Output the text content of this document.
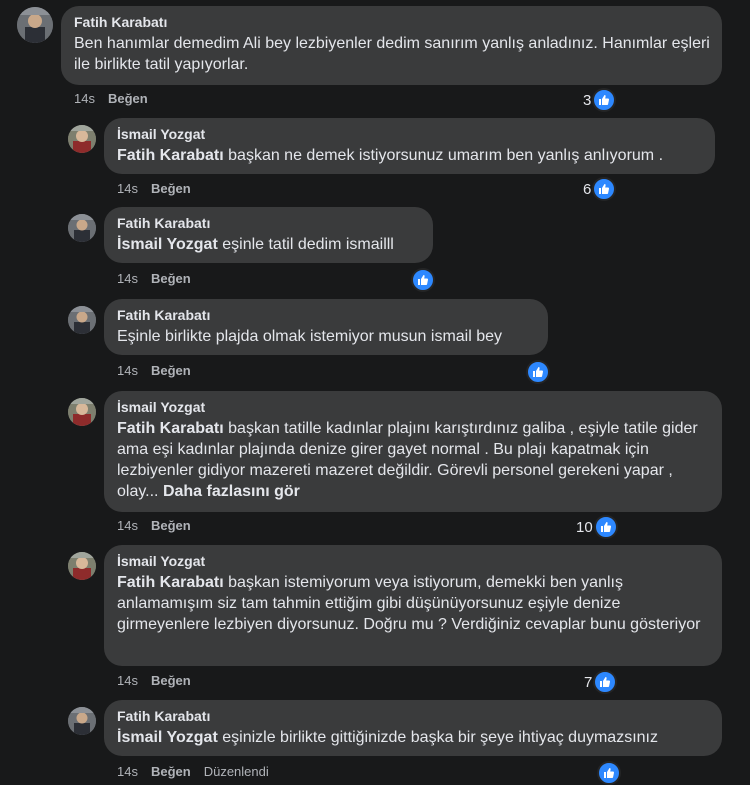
Fatih Karabatı
Ben hanımlar demedim Ali bey lezbiyenler dedim sanırım yanlış anladınız. Hanımlar eşleri ile birlikte tatil yapıyorlar.
14s Beğen	3
İsmail Yozgat
Fatih Karabatı başkan ne demek istiyorsunuz umarım ben yanlış anlıyorum .
14s Beğen	6
Fatih Karabatı
İsmail Yozgat eşinle tatil dedim ismailll
14s Beğen
Fatih Karabatı
Eşinle birlikte plajda olmak istemiyor musun ismail bey
14s Beğen
İsmail Yozgat
Fatih Karabatı başkan tatille kadınlar plajını karıştırdınız galiba , eşiyle tatile gider ama eşi kadınlar plajında denize girer gayet normal . Bu plajı kapatmak için lezbiyenler gidiyor mazereti mazeret değildir. Görevli personel gerekeni yapar , olay... Daha fazlasını gör
14s Beğen	10
İsmail Yozgat
Fatih Karabatı başkan istemiyorum veya istiyorum, demekki ben yanlış anlamamışım siz tam tahmin ettiğim gibi düşünüyorsunuz eşiyle denize girmeyenlere lezbiyen diyorsunuz. Doğru mu ? Verdiğiniz cevaplar bunu gösteriyor
14s Beğen	7
Fatih Karabatı
İsmail Yozgat eşinizle birlikte gittiğinizde başka bir şeye ihtiyaç duymazsınız
14s Beğen Düzenlendi
